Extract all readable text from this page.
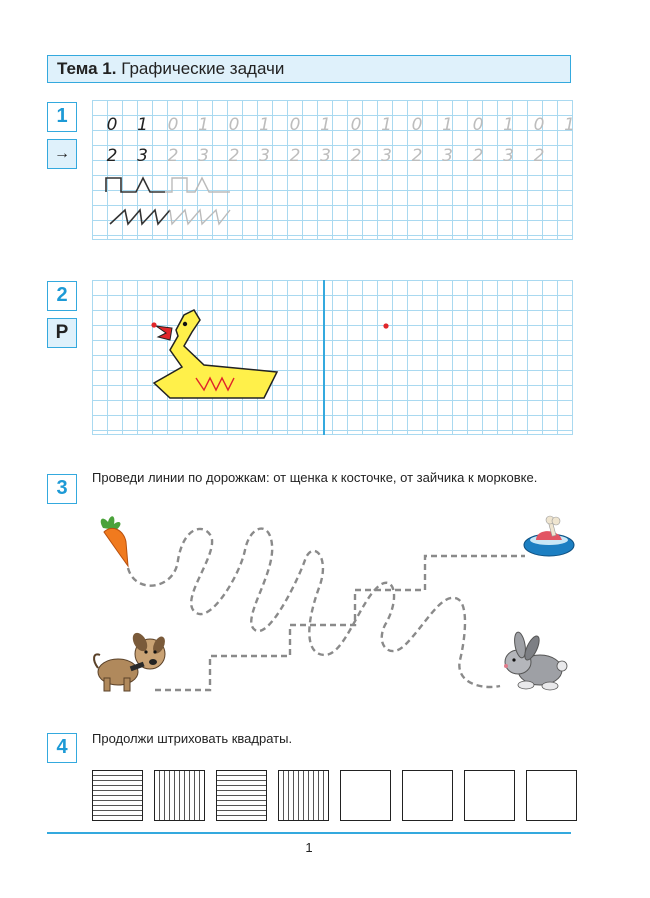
Тема 1. Графические задачи
1
→
0 1 0 1 0 1 0 1 0 1 0 1 0 1 0 1
2 3 2 3 2 3 2 3 2 3 2 3 2 3 2
2
Р
3	Проведи линии по дорожкам: от щенка к косточке, от зайчика к морковке.
4	Продолжи штриховать квадраты.
1
